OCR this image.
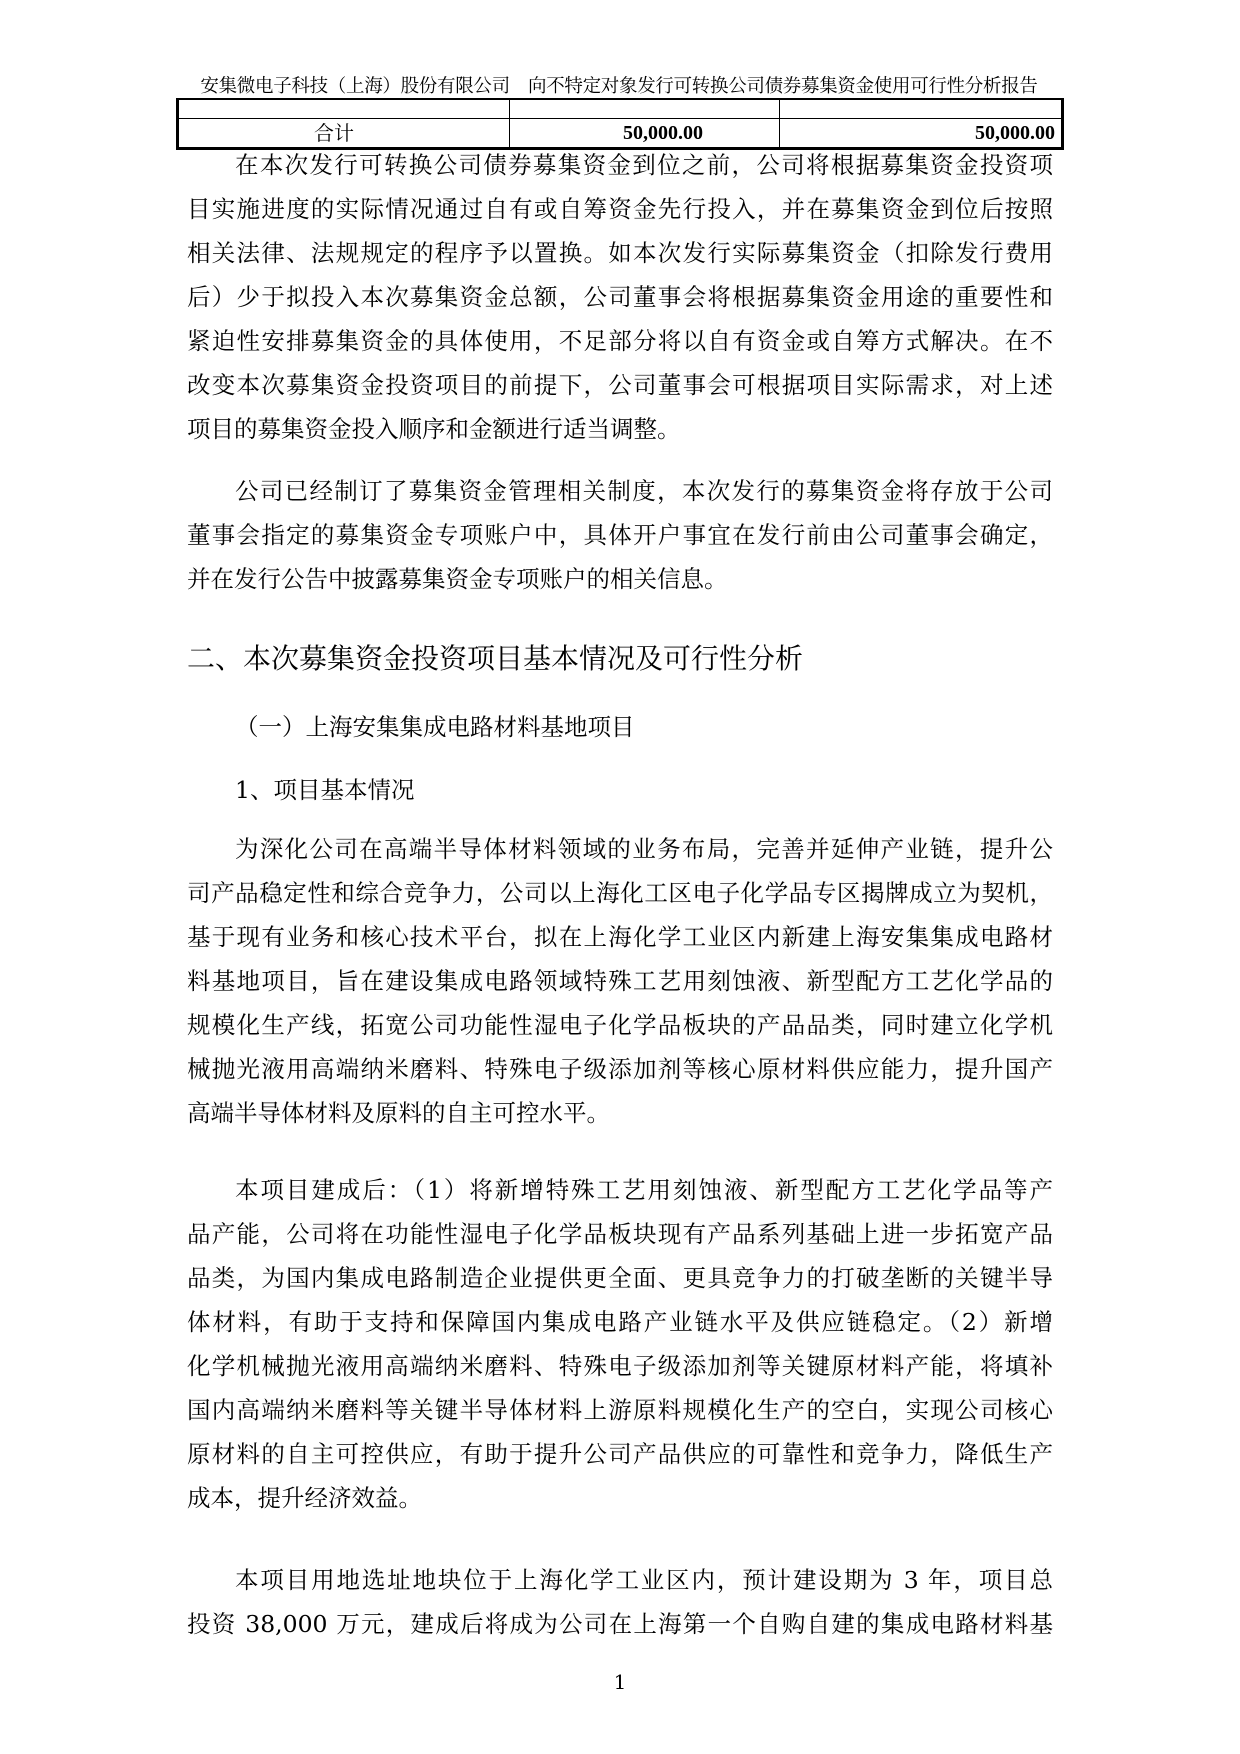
安集微电子科技（上海）股份有限公司　向不特定对象发行可转换公司债券募集资金使用可行性分析报告
合计	50,000.00	50,000.00
在本次发行可转换公司债券募集资金到位之前，公司将根据募集资金投资项
目实施进度的实际情况通过自有或自筹资金先行投入，并在募集资金到位后按照
相关法律、法规规定的程序予以置换。如本次发行实际募集资金（扣除发行费用
后）少于拟投入本次募集资金总额，公司董事会将根据募集资金用途的重要性和
紧迫性安排募集资金的具体使用，不足部分将以自有资金或自筹方式解决。在不
改变本次募集资金投资项目的前提下，公司董事会可根据项目实际需求，对上述
项目的募集资金投入顺序和金额进行适当调整。
公司已经制订了募集资金管理相关制度，本次发行的募集资金将存放于公司
董事会指定的募集资金专项账户中，具体开户事宜在发行前由公司董事会确定，
并在发行公告中披露募集资金专项账户的相关信息。
为深化公司在高端半导体材料领域的业务布局，完善并延伸产业链，提升公
司产品稳定性和综合竞争力，公司以上海化工区电子化学品专区揭牌成立为契机，
基于现有业务和核心技术平台，拟在上海化学工业区内新建上海安集集成电路材
料基地项目，旨在建设集成电路领域特殊工艺用刻蚀液、新型配方工艺化学品的
规模化生产线，拓宽公司功能性湿电子化学品板块的产品品类，同时建立化学机
械抛光液用高端纳米磨料、特殊电子级添加剂等核心原材料供应能力，提升国产
高端半导体材料及原料的自主可控水平。
本项目建成后：（1）将新增特殊工艺用刻蚀液、新型配方工艺化学品等产
品产能，公司将在功能性湿电子化学品板块现有产品系列基础上进一步拓宽产品
品类，为国内集成电路制造企业提供更全面、更具竞争力的打破垄断的关键半导
体材料，有助于支持和保障国内集成电路产业链水平及供应链稳定。（2）新增
化学机械抛光液用高端纳米磨料、特殊电子级添加剂等关键原材料产能，将填补
国内高端纳米磨料等关键半导体材料上游原料规模化生产的空白，实现公司核心
原材料的自主可控供应，有助于提升公司产品供应的可靠性和竞争力，降低生产
成本，提升经济效益。
本项目用地选址地块位于上海化学工业区内，预计建设期为 3 年，项目总
投资 38,000 万元，建成后将成为公司在上海第一个自购自建的集成电路材料基
二、本次募集资金投资项目基本情况及可行性分析
（一）上海安集集成电路材料基地项目
1、项目基本情况
1
